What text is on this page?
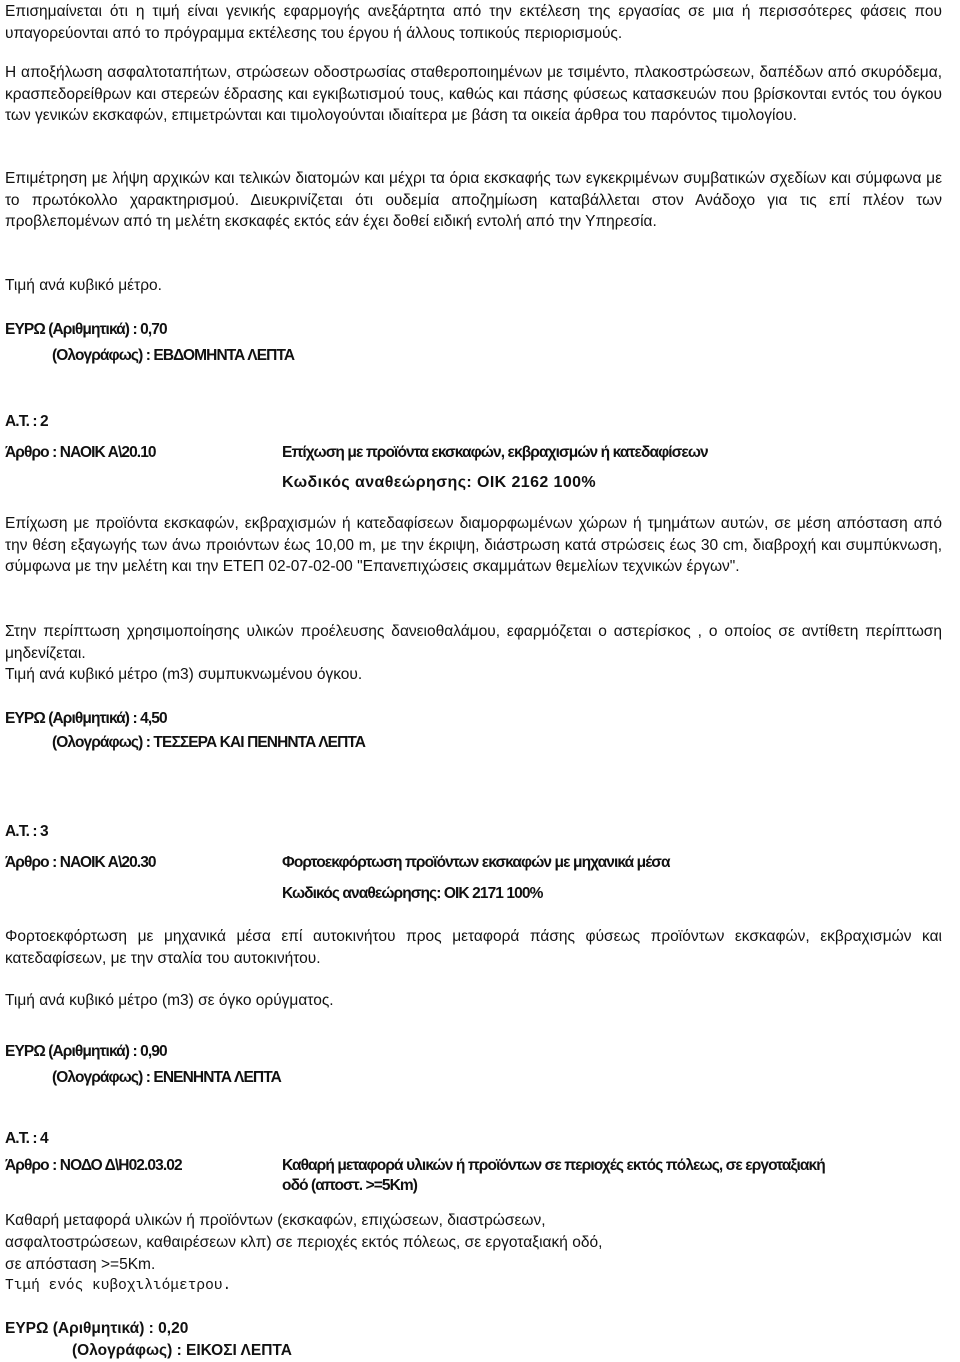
Επισημαίνεται ότι η τιμή είναι γενικής εφαρμογής ανεξάρτητα από την εκτέλεση της εργασίας σε μια ή περισσότερες φάσεις που υπαγορεύονται από το πρόγραμμα εκτέλεσης του έργου ή άλλους τοπικούς περιορισμούς.

Η αποξήλωση ασφαλτοταπήτων, στρώσεων οδοστρωσίας σταθεροποιημένων με τσιμέντο, πλακοστρώσεων, δαπέδων από σκυρόδεμα, κρασπεδορείθρων και στερεών έδρασης και εγκιβωτισμού τους, καθώς και πάσης φύσεως κατασκευών που βρίσκονται εντός του όγκου των γενικών εκσκαφών, επιμετρώνται και τιμολογούνται ιδιαίτερα με βάση τα οικεία άρθρα του παρόντος τιμολογίου.

Επιμέτρηση με λήψη αρχικών και τελικών διατομών και μέχρι τα όρια εκσκαφής των εγκεκριμένων συμβατικών σχεδίων και σύμφωνα με το πρωτόκολλο χαρακτηρισμού. Διευκρινίζεται ότι ουδεμία αποζημίωση καταβάλλεται στον Ανάδοχο για τις επί πλέον των προβλεπομένων από τη μελέτη εκσκαφές εκτός εάν έχει δοθεί ειδική εντολή από την Υπηρεσία.

Τιμή ανά κυβικό μέτρο.

ΕΥΡΩ (Αριθμητικά) : 0,70

(Ολογράφως) : ΕΒΔΟΜΗΝΤΑ ΛΕΠΤΑ

Α.Τ. : 2

Άρθρο : ΝΑΟΙΚ Α\20.10	Επίχωση με προϊόντα εκσκαφών, εκβραχισμών ή κατεδαφίσεων

Κωδικός αναθεώρησης: ΟΙΚ 2162 100%

Επίχωση με προϊόντα εκσκαφών, εκβραχισμών ή κατεδαφίσεων διαμορφωμένων χώρων ή τμημάτων αυτών, σε μέση απόσταση από την θέση εξαγωγής των άνω προιόντων έως 10,00 m, με την έκριψη, διάστρωση κατά στρώσεις έως 30 cm, διαβροχή και συμπύκνωση, σύμφωνα με την μελέτη και την ΕΤΕΠ 02-07-02-00 "Επανεπιχώσεις σκαμμάτων θεμελίων τεχνικών έργων".

Στην περίπτωση χρησιμοποίησης υλικών προέλευσης δανειοθαλάμου, εφαρμόζεται ο αστερίσκος , ο οποίος σε αντίθετη περίπτωση μηδενίζεται.

Τιμή ανά κυβικό μέτρο (m3) συμπυκνωμένου όγκου.

ΕΥΡΩ (Αριθμητικά) : 4,50

(Ολογράφως) : ΤΕΣΣΕΡΑ ΚΑΙ ΠΕΝΗΝΤΑ ΛΕΠΤΑ

Α.Τ. : 3

Άρθρο : ΝΑΟΙΚ Α\20.30	Φορτοεκφόρτωση προϊόντων εκσκαφών με μηχανικά μέσα

Κωδικός αναθεώρησης: ΟΙΚ 2171 100%

Φορτοεκφόρτωση με μηχανικά μέσα επί αυτοκινήτου προς μεταφορά πάσης φύσεως προϊόντων εκσκαφών, εκβραχισμών και κατεδαφίσεων, με την σταλία του αυτοκινήτου.

Τιμή ανά κυβικό μέτρο (m3) σε όγκο ορύγματος.

ΕΥΡΩ (Αριθμητικά) : 0,90

(Ολογράφως) : ΕΝΕΝΗΝΤΑ ΛΕΠΤΑ

Α.Τ. : 4

Άρθρο : ΝΟΔΟ Δ\Η02.03.02	Καθαρή μεταφορά υλικών ή προϊόντων σε περιοχές εκτός πόλεως, σε εργοταξιακή οδό (αποστ. >=5Km)

Καθαρή μεταφορά υλικών ή προϊόντων (εκσκαφών, επιχώσεων, διαστρώσεων,

ασφαλτοστρώσεων, καθαιρέσεων κλπ) σε περιοχές εκτός πόλεως, σε εργοταξιακή οδό,

σε απόσταση >=5Km.

Τιμή ενός κυβοχιλιόμετρου.

ΕΥΡΩ (Αριθμητικά) : 0,20

(Ολογράφως) : ΕΙΚΟΣΙ ΛΕΠΤΑ
